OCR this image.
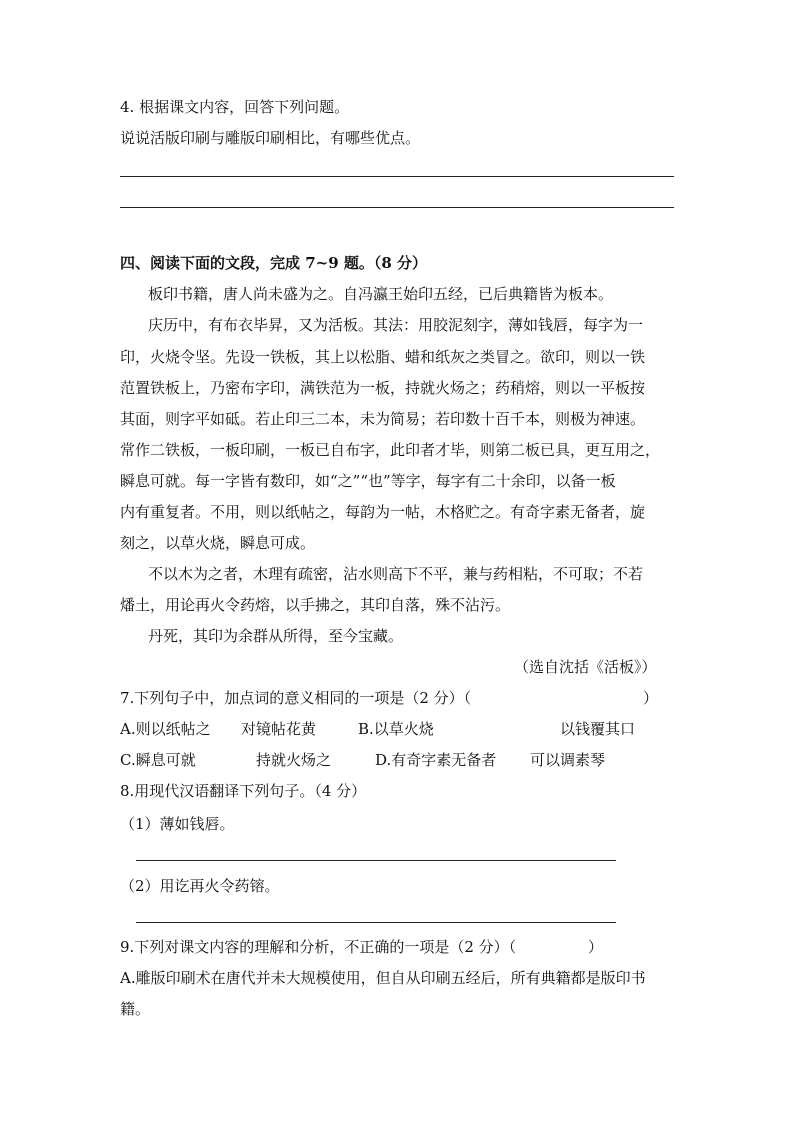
4. 根据课文内容，回答下列问题。
说说活版印刷与雕版印刷相比，有哪些优点。
四、阅读下面的文段，完成 7~9 题。（8 分）
板印书籍，唐人尚未盛为之。自冯瀛王始印五经，已后典籍皆为板本。
庆历中，有布衣毕昇，又为活板。其法：用胶泥刻字，薄如钱唇，每字为一
印，火烧令坚。先设一铁板，其上以松脂、蜡和纸灰之类冒之。欲印，则以一铁
范置铁板上，乃密布字印，满铁范为一板，持就火炀之；药稍熔，则以一平板按
其面，则字平如砥。若止印三二本，未为简易；若印数十百千本，则极为神速。
常作二铁板，一板印刷，一板已自布字，此印者才毕，则第二板已具，更互用之，
瞬息可就。每一字皆有数印，如“之”“也”等字，每字有二十余印，以备一板
内有重复者。不用，则以纸帖之，每韵为一帖，木格贮之。有奇字素无备者，旋
刻之，以草火烧，瞬息可成。
不以木为之者，木理有疏密，沾水则高下不平，兼与药相粘，不可取；不若
燔土，用论再火令药熔，以手拂之，其印自落，殊不沾污。
丹死，其印为余群从所得，至今宝藏。
（选自沈括《活板》）
7.下列句子中，加点词的意义相同的一项是（2 分）（	）
A.则以纸帖之 对镜帖花黄	B.以草火烧	以钱覆其口
C.瞬息可就	持就火炀之	D.有奇字素无备者 可以调素琴
8.用现代汉语翻译下列句子。（4 分）
（1）薄如钱唇。
（2）用讫再火令药镕。
9.下列对课文内容的理解和分析，不正确的一项是（2 分）（	）
A.雕版印刷术在唐代并未大规模使用，但自从印刷五经后，所有典籍都是版印书
籍。
